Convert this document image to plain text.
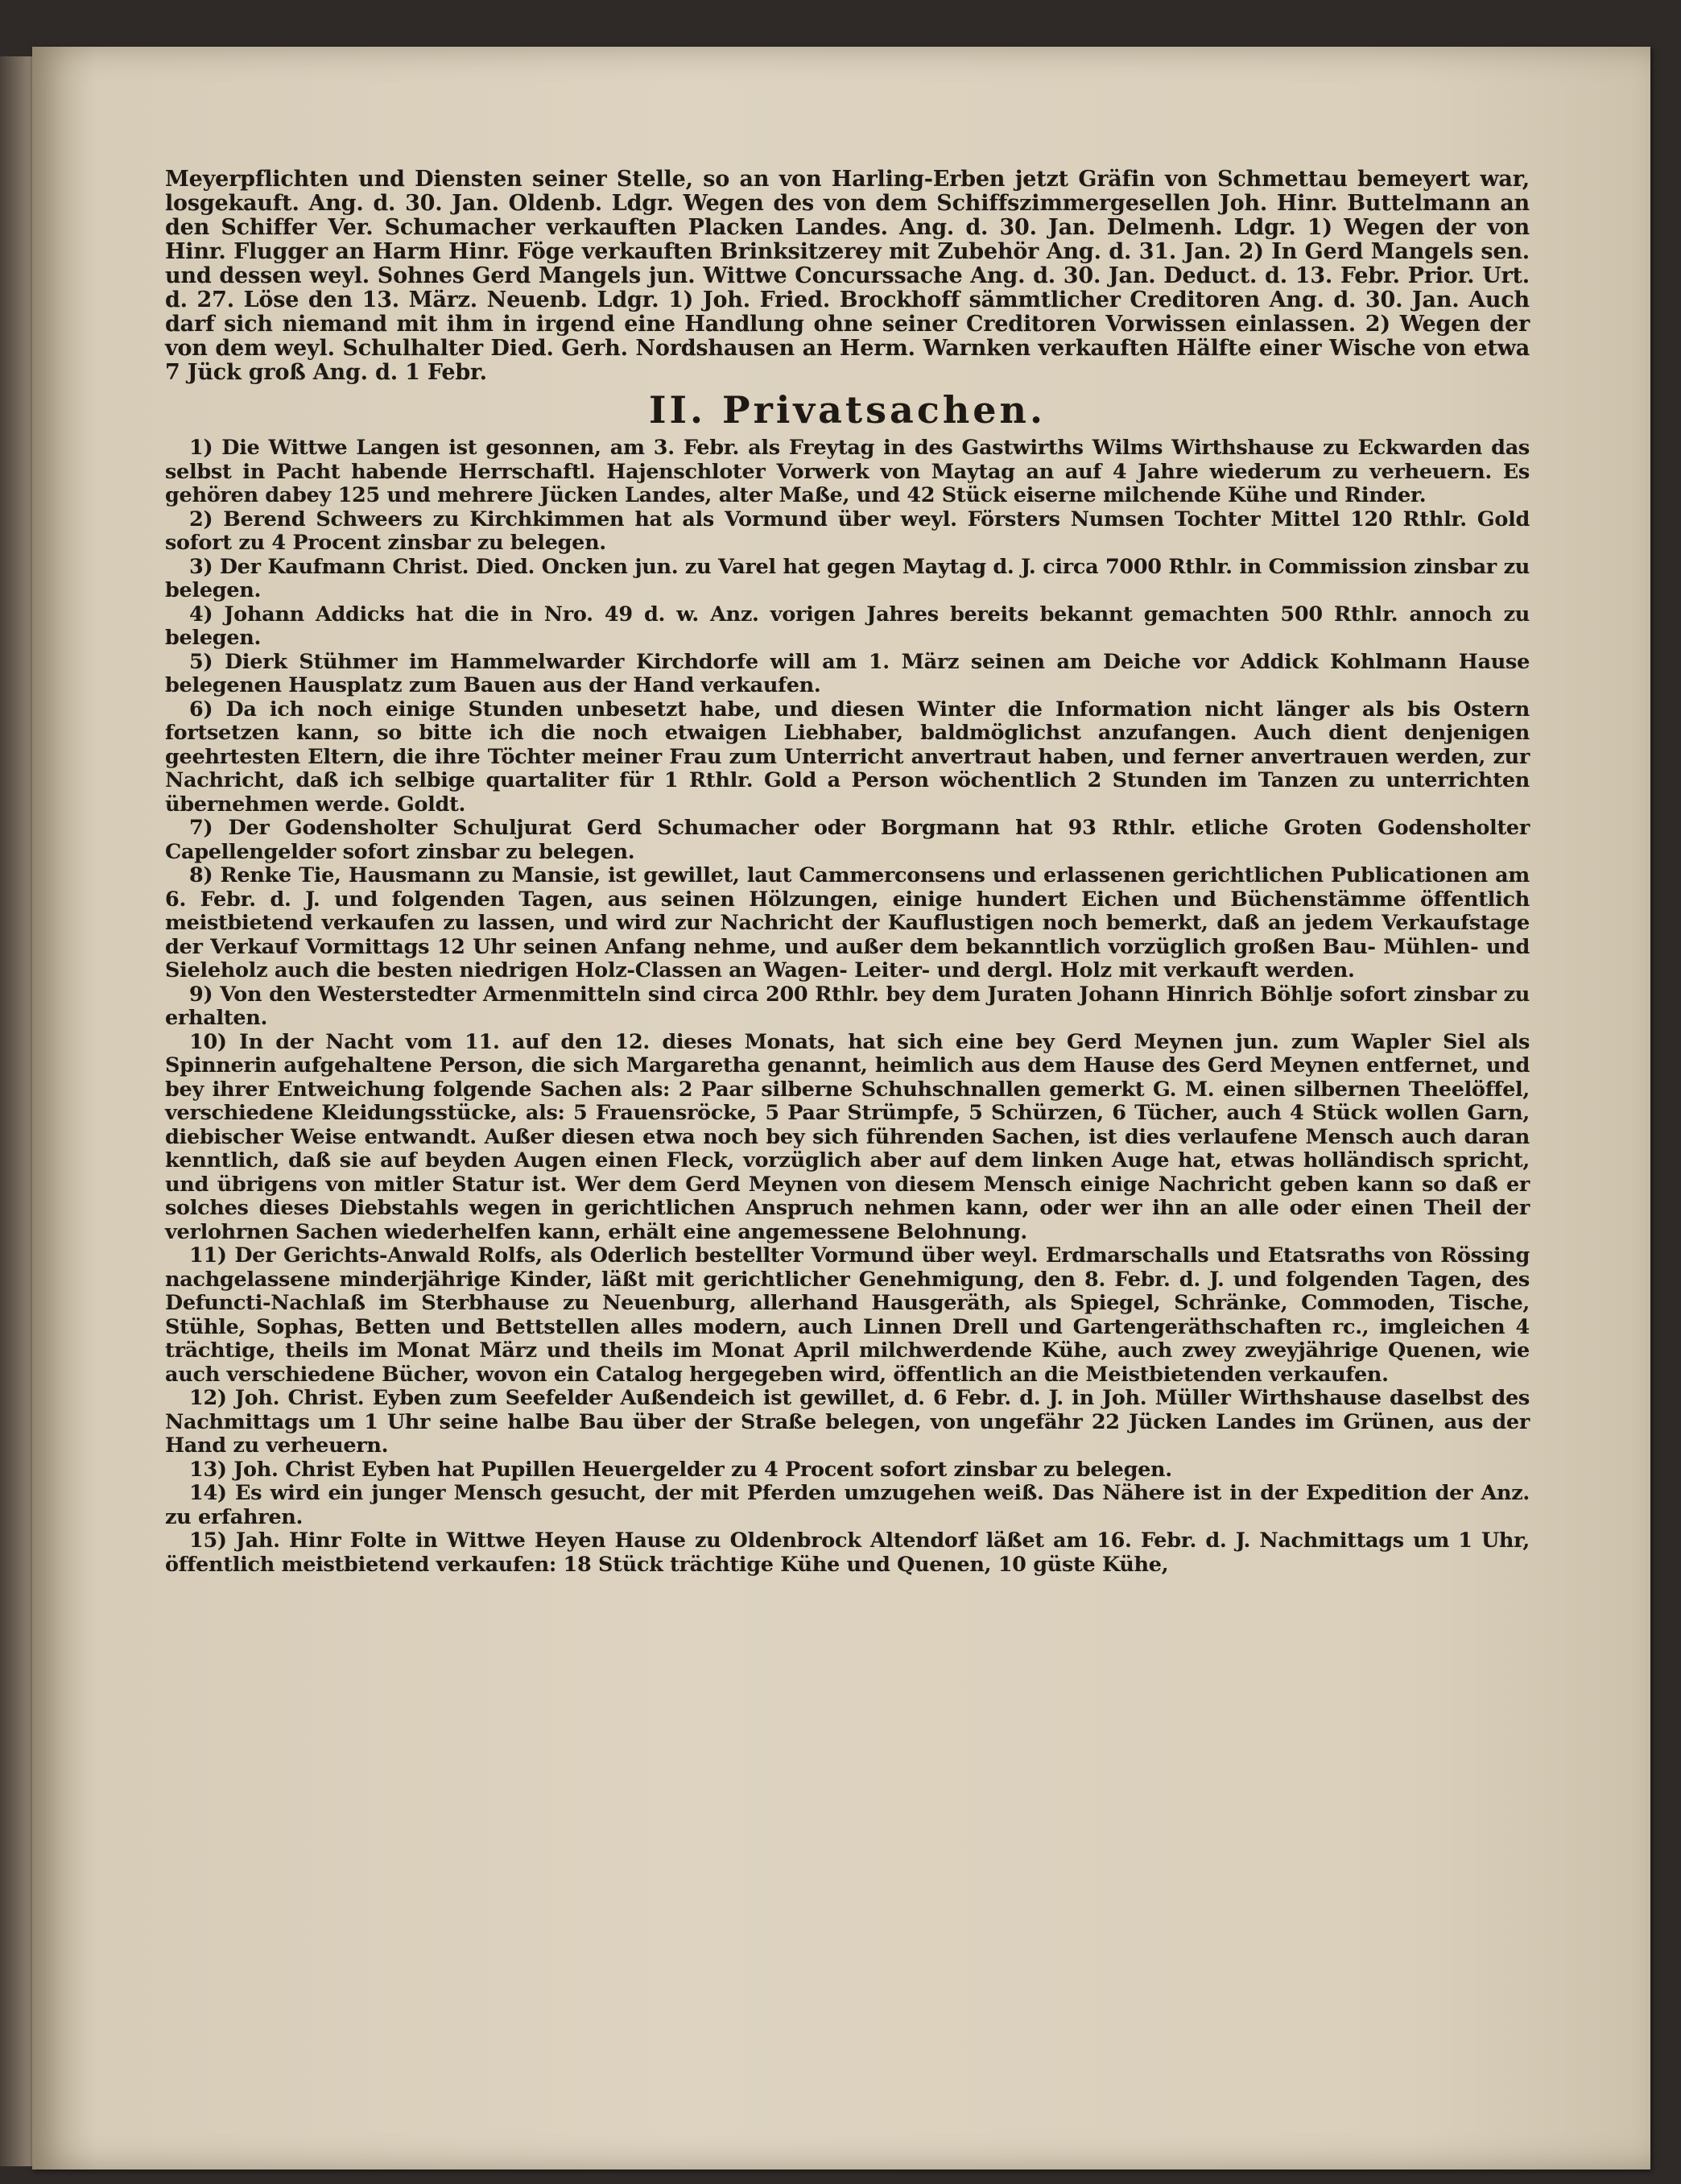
Meyerpflichten und Diensten seiner Stelle, so an von Harling-Erben jetzt Gräfin von Schmettau bemeyert war, losgekauft. Ang. d. 30. Jan. Oldenb. Ldgr. Wegen des von dem Schiffszimmergesellen Joh. Hinr. Buttelmann an den Schiffer Ver. Schumacher verkauften Placken Landes. Ang. d. 30. Jan. Delmenh. Ldgr. 1) Wegen der von Hinr. Flugger an Harm Hinr. Föge verkauften Brinksitzerey mit Zubehör Ang. d. 31. Jan. 2) In Gerd Mangels sen. und dessen weyl. Sohnes Gerd Mangels jun. Wittwe Concurssache Ang. d. 30. Jan. Deduct. d. 13. Febr. Prior. Urt. d. 27. Löse den 13. März. Neuenb. Ldgr. 1) Joh. Fried. Brockhoff sämmtlicher Creditoren Ang. d. 30. Jan. Auch darf sich niemand mit ihm in irgend eine Handlung ohne seiner Creditoren Vorwissen einlassen. 2) Wegen der von dem weyl. Schulhalter Died. Gerh. Nordshausen an Herm. Warnken verkauften Hälfte einer Wische von etwa 7 Jück groß Ang. d. 1 Febr.

II. Privatsachen.

1) Die Wittwe Langen ist gesonnen, am 3. Febr. als Freytag in des Gastwirths Wilms Wirthshause zu Eckwarden das selbst in Pacht habende Herrschaftl. Hajenschloter Vorwerk von Maytag an auf 4 Jahre wiederum zu verheuern. Es gehören dabey 125 und mehrere Jücken Landes, alter Maße, und 42 Stück eiserne milchende Kühe und Rinder.

2) Berend Schweers zu Kirchkimmen hat als Vormund über weyl. Försters Numsen Tochter Mittel 120 Rthlr. Gold sofort zu 4 Procent zinsbar zu belegen.

3) Der Kaufmann Christ. Died. Oncken jun. zu Varel hat gegen Maytag d. J. circa 7000 Rthlr. in Commission zinsbar zu belegen.

4) Johann Addicks hat die in Nro. 49 d. w. Anz. vorigen Jahres bereits bekannt gemachten 500 Rthlr. annoch zu belegen.

5) Dierk Stühmer im Hammelwarder Kirchdorfe will am 1. März seinen am Deiche vor Addick Kohlmann Hause belegenen Hausplatz zum Bauen aus der Hand verkaufen.

6) Da ich noch einige Stunden unbesetzt habe, und diesen Winter die Information nicht länger als bis Ostern fortsetzen kann, so bitte ich die noch etwaigen Liebhaber, baldmöglichst anzufangen. Auch dient denjenigen geehrtesten Eltern, die ihre Töchter meiner Frau zum Unterricht anvertraut haben, und ferner anvertrauen werden, zur Nachricht, daß ich selbige quartaliter für 1 Rthlr. Gold a Person wöchentlich 2 Stunden im Tanzen zu unterrichten übernehmen werde. Goldt.

7) Der Godensholter Schuljurat Gerd Schumacher oder Borgmann hat 93 Rthlr. etliche Groten Godensholter Capellengelder sofort zinsbar zu belegen.

8) Renke Tie, Hausmann zu Mansie, ist gewillet, laut Cammerconsens und erlassenen gerichtlichen Publicationen am 6. Febr. d. J. und folgenden Tagen, aus seinen Hölzungen, einige hundert Eichen und Büchenstämme öffentlich meistbietend verkaufen zu lassen, und wird zur Nachricht der Kauflustigen noch bemerkt, daß an jedem Verkaufstage der Verkauf Vormittags 12 Uhr seinen Anfang nehme, und außer dem bekanntlich vorzüglich großen Bau- Mühlen- und Sieleholz auch die besten niedrigen Holz-Classen an Wagen- Leiter- und dergl. Holz mit verkauft werden.

9) Von den Westerstedter Armenmitteln sind circa 200 Rthlr. bey dem Juraten Johann Hinrich Böhlje sofort zinsbar zu erhalten.

10) In der Nacht vom 11. auf den 12. dieses Monats, hat sich eine bey Gerd Meynen jun. zum Wapler Siel als Spinnerin aufgehaltene Person, die sich Margaretha genannt, heimlich aus dem Hause des Gerd Meynen entfernet, und bey ihrer Entweichung folgende Sachen als: 2 Paar silberne Schuhschnallen gemerkt G. M. einen silbernen Theelöffel, verschiedene Kleidungsstücke, als: 5 Frauensröcke, 5 Paar Strümpfe, 5 Schürzen, 6 Tücher, auch 4 Stück wollen Garn, diebischer Weise entwandt. Außer diesen etwa noch bey sich führenden Sachen, ist dies verlaufene Mensch auch daran kenntlich, daß sie auf beyden Augen einen Fleck, vorzüglich aber auf dem linken Auge hat, etwas holländisch spricht, und übrigens von mitler Statur ist. Wer dem Gerd Meynen von diesem Mensch einige Nachricht geben kann so daß er solches dieses Diebstahls wegen in gerichtlichen Anspruch nehmen kann, oder wer ihn an alle oder einen Theil der verlohrnen Sachen wiederhelfen kann, erhält eine angemessene Belohnung.

11) Der Gerichts-Anwald Rolfs, als Oderlich bestellter Vormund über weyl. Erdmarschalls und Etatsraths von Rössing nachgelassene minderjährige Kinder, läßt mit gerichtlicher Genehmigung, den 8. Febr. d. J. und folgenden Tagen, des Defuncti-Nachlaß im Sterbhause zu Neuenburg, allerhand Hausgeräth, als Spiegel, Schränke, Commoden, Tische, Stühle, Sophas, Betten und Bettstellen alles modern, auch Linnen Drell und Gartengeräthschaften rc., imgleichen 4 trächtige, theils im Monat März und theils im Monat April milchwerdende Kühe, auch zwey zweyjährige Quenen, wie auch verschiedene Bücher, wovon ein Catalog hergegeben wird, öffentlich an die Meistbietenden verkaufen.

12) Joh. Christ. Eyben zum Seefelder Außendeich ist gewillet, d. 6 Febr. d. J. in Joh. Müller Wirthshause daselbst des Nachmittags um 1 Uhr seine halbe Bau über der Straße belegen, von ungefähr 22 Jücken Landes im Grünen, aus der Hand zu verheuern.

13) Joh. Christ Eyben hat Pupillen Heuergelder zu 4 Procent sofort zinsbar zu belegen.

14) Es wird ein junger Mensch gesucht, der mit Pferden umzugehen weiß. Das Nähere ist in der Expedition der Anz. zu erfahren.

15) Jah. Hinr Folte in Wittwe Heyen Hause zu Oldenbrock Altendorf läßet am 16. Febr. d. J. Nachmittags um 1 Uhr, öffentlich meistbietend verkaufen: 18 Stück trächtige Kühe und Quenen, 10 güste Kühe,
